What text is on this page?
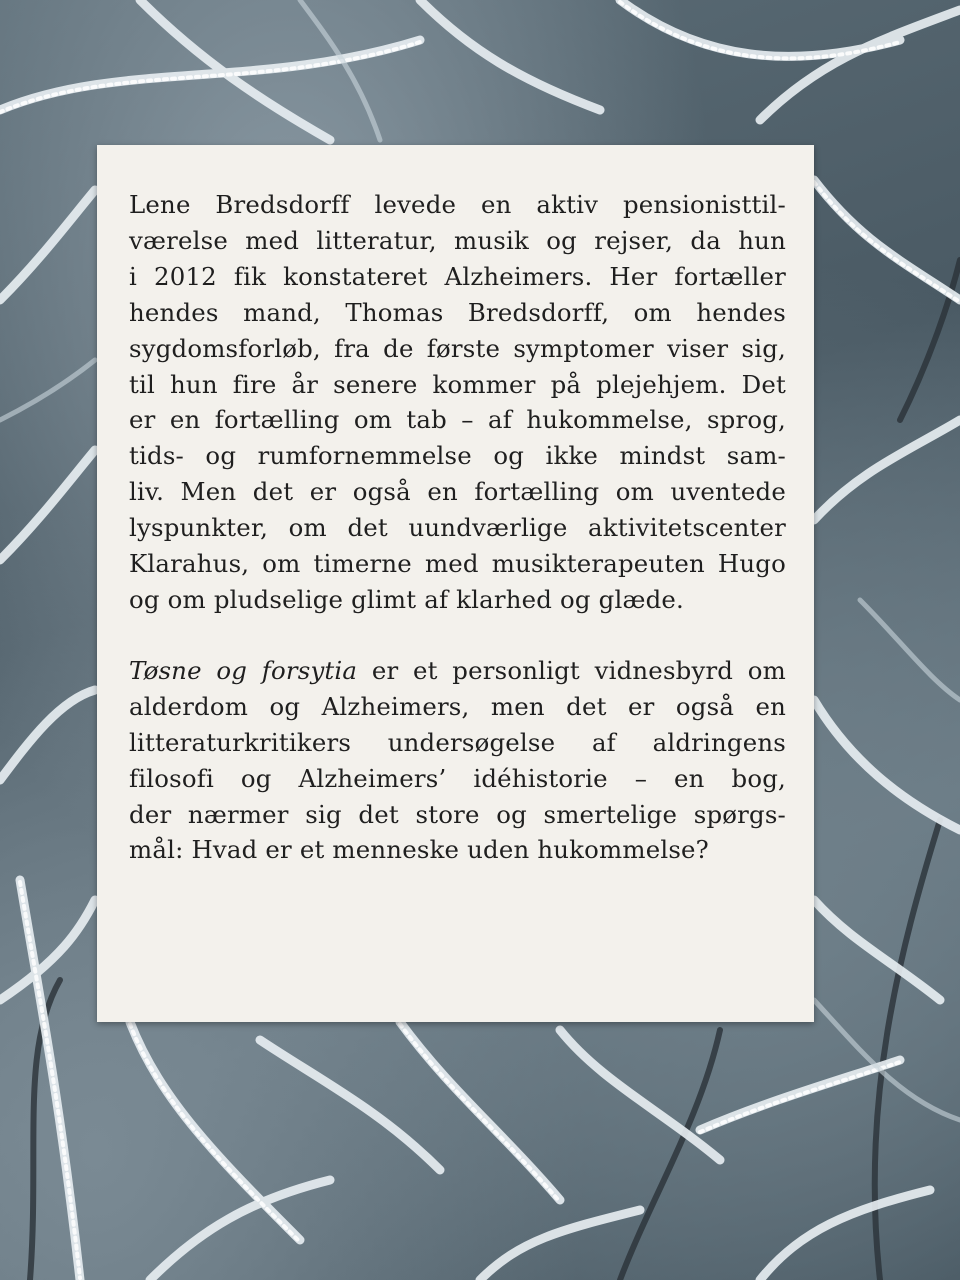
Lene Bredsdorff levede en aktiv pensionisttil-
værelse med litteratur, musik og rejser, da hun
i 2012 fik konstateret Alzheimers. Her fortæller
hendes mand, Thomas Bredsdorff, om hendes
sygdomsforløb, fra de første symptomer viser sig,
til hun fire år senere kommer på plejehjem. Det
er en fortælling om tab – af hukommelse, sprog,
tids- og rumfornemmelse og ikke mindst sam-
liv. Men det er også en fortælling om uventede
lyspunkter, om det uundværlige aktivitetscenter
Klarahus, om timerne med musikterapeuten Hugo
og om pludselige glimt af klarhed og glæde.

Tøsne og forsytia er et personligt vidnesbyrd om
alderdom og Alzheimers, men det er også en
litteraturkritikers undersøgelse af aldringens
filosofi og Alzheimers’ idéhistorie – en bog,
der nærmer sig det store og smertelige spørgs-
mål: Hvad er et menneske uden hukommelse?
